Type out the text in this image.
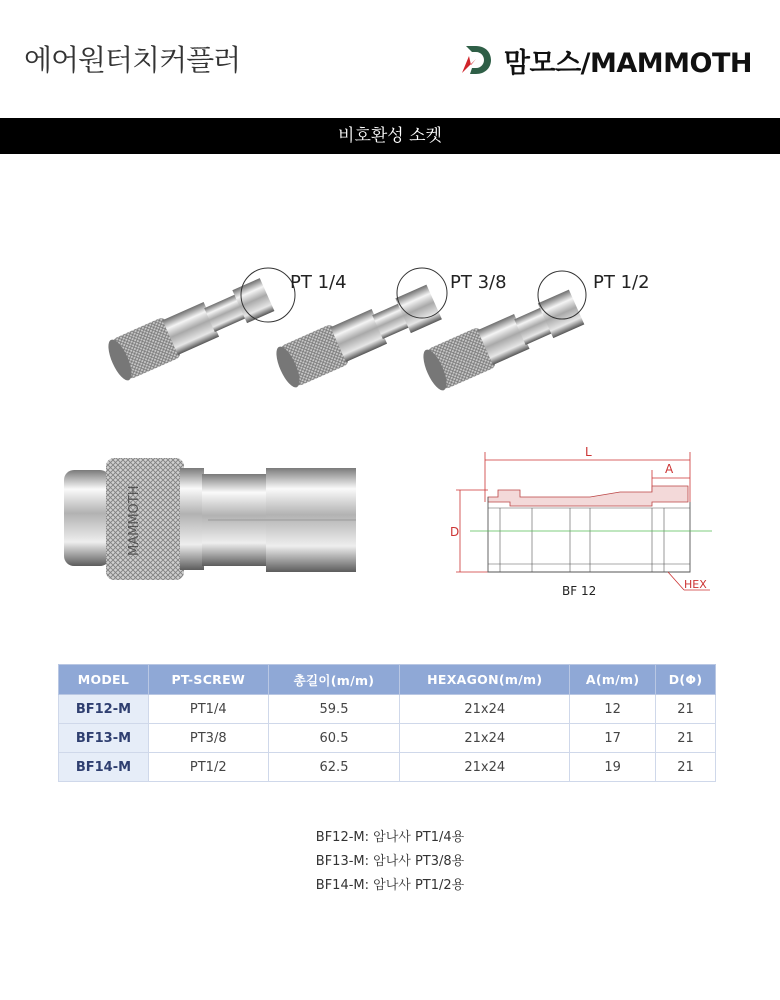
에어원터치커플러	맘모스/MAMMOTH
비호환성 소켓
PT 1/4	PT 3/8	PT 1/2
MAMMOTH
L
A
D
HEX
BF 12
MODEL	PT-SCREW	총길이(m/m)	HEXAGON(m/m)	A(m/m)	D(Φ)
BF12-M	PT1/4	59.5	21x24	12	21
BF13-M	PT3/8	60.5	21x24	17	21
BF14-M	PT1/2	62.5	21x24	19	21
BF12-M: 암나사 PT1/4용
BF13-M: 암나사 PT3/8용
BF14-M: 암나사 PT1/2용
